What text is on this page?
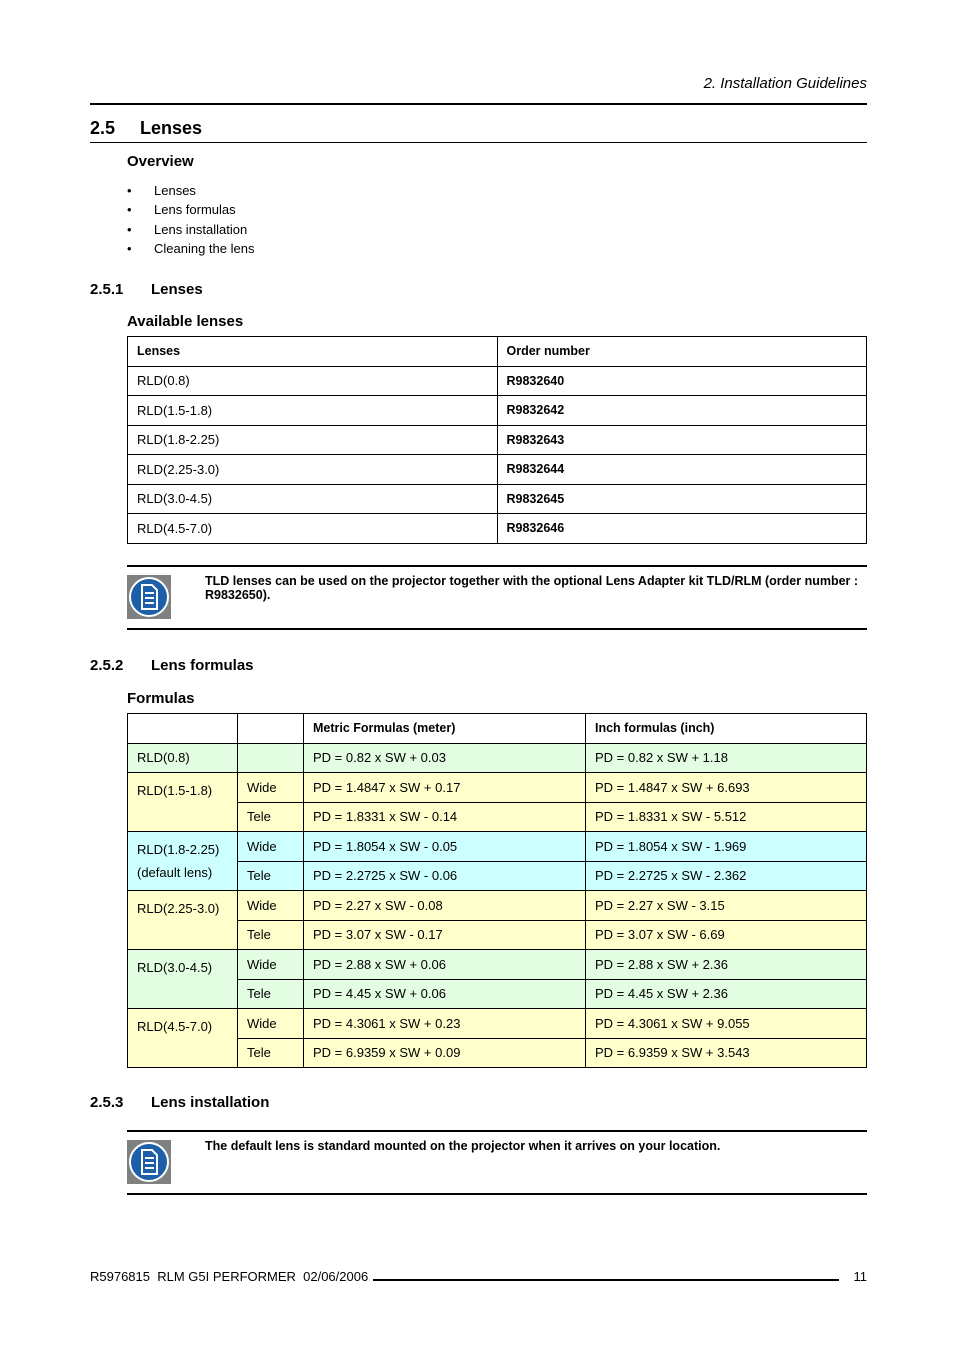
2. Installation Guidelines
2.5 Lenses
Overview
• Lenses
• Lens formulas
• Lens installation
• Cleaning the lens
2.5.1 Lenses
Available lenses
Lenses	Order number
RLD(0.8)	R9832640
RLD(1.5-1.8)	R9832642
RLD(1.8-2.25)	R9832643
RLD(2.25-3.0)	R9832644
RLD(3.0-4.5)	R9832645
RLD(4.5-7.0)	R9832646
TLD lenses can be used on the projector together with the optional Lens Adapter kit TLD/RLM (order number : R9832650).
2.5.2 Lens formulas
Formulas
		Metric Formulas (meter)	Inch formulas (inch)
RLD(0.8)		PD = 0.82 x SW + 0.03	PD = 0.82 x SW + 1.18
RLD(1.5-1.8)	Wide	PD = 1.4847 x SW + 0.17	PD = 1.4847 x SW + 6.693
	Tele	PD = 1.8331 x SW - 0.14	PD = 1.8331 x SW - 5.512

RLD(1.8-2.25)
(default lens)	Wide	PD = 1.8054 x SW - 0.05	PD = 1.8054 x SW - 1.969
	Tele	PD = 2.2725 x SW - 0.06	PD = 2.2725 x SW - 2.362
RLD(2.25-3.0)	Wide	PD = 2.27 x SW - 0.08	PD = 2.27 x SW - 3.15
	Tele	PD = 3.07 x SW - 0.17	PD = 3.07 x SW - 6.69
RLD(3.0-4.5)	Wide	PD = 2.88 x SW + 0.06	PD = 2.88 x SW + 2.36
	Tele	PD = 4.45 x SW + 0.06	PD = 4.45 x SW + 2.36
RLD(4.5-7.0)	Wide	PD = 4.3061 x SW + 0.23	PD = 4.3061 x SW + 9.055
	Tele	PD = 6.9359 x SW + 0.09	PD = 6.9359 x SW + 3.543
2.5.3 Lens installation
The default lens is standard mounted on the projector when it arrives on your location.
R5976815  RLM G5I PERFORMER  02/06/2006	11
